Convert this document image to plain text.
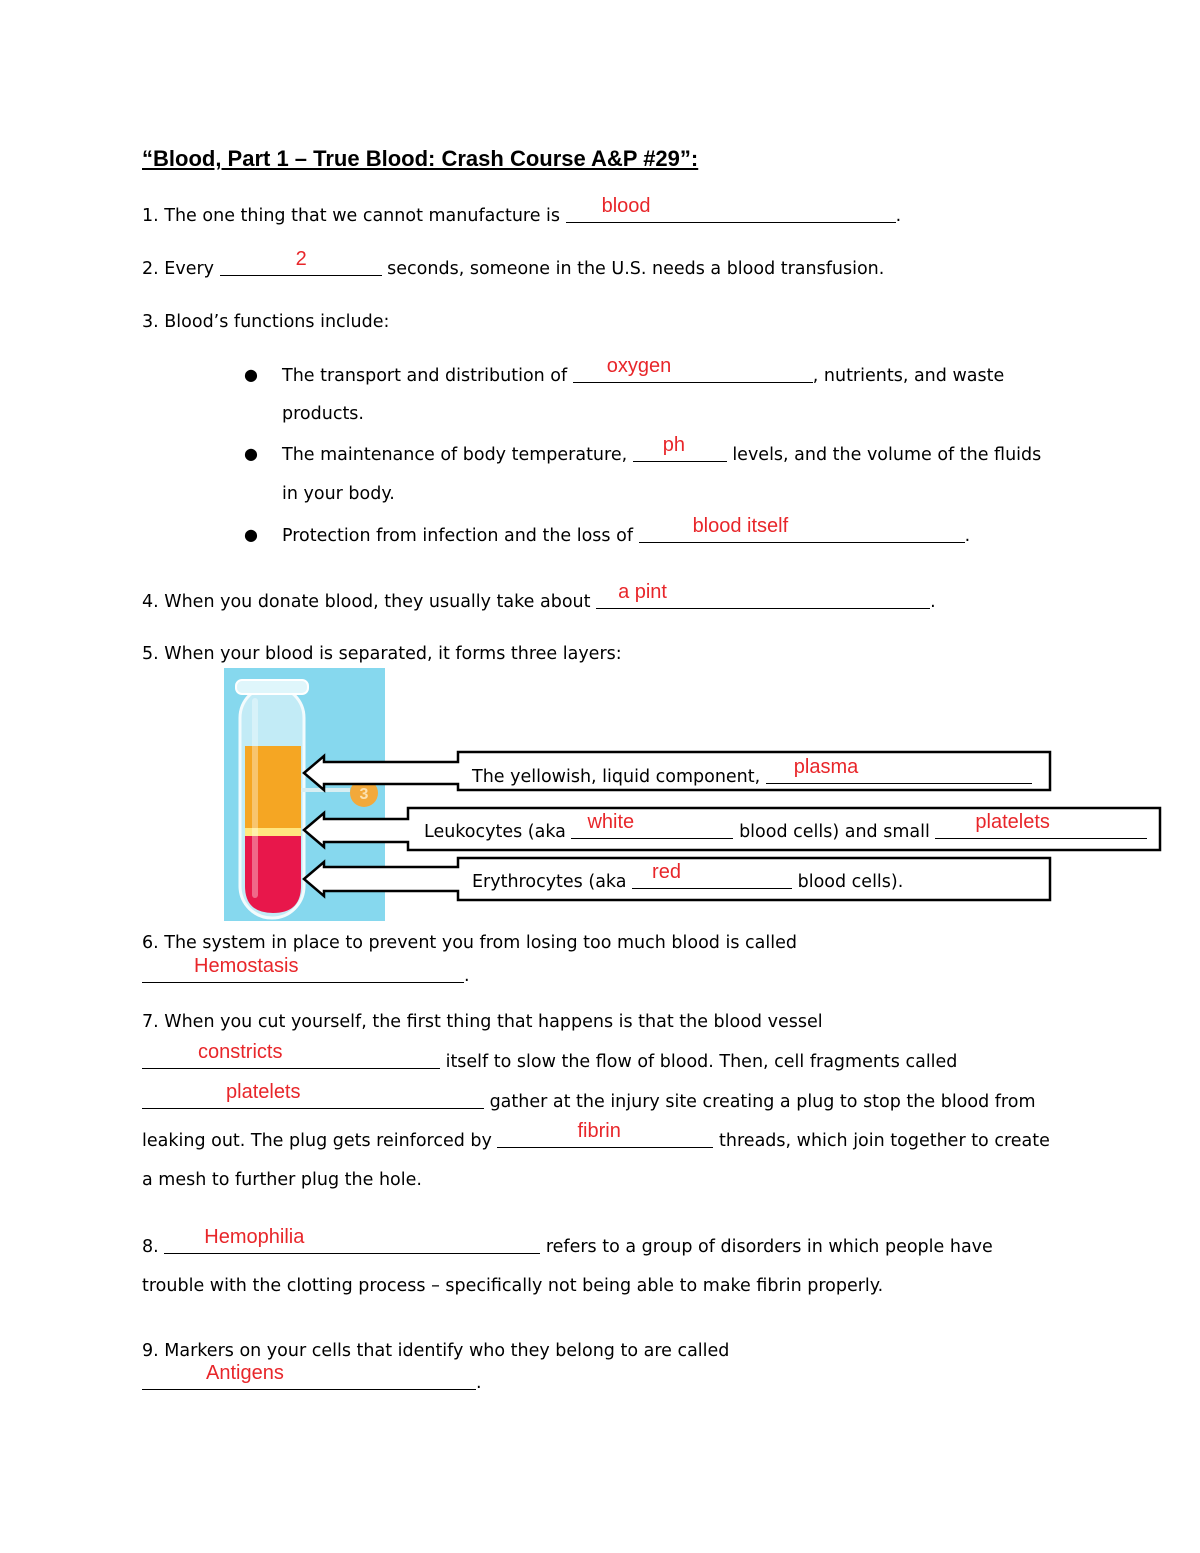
“Blood, Part 1 – True Blood: Crash Course A&P #29”:
1. The one thing that we cannot manufacture is blood	.
2. Every	2	seconds, someone in the U.S. needs a blood transfusion.
3. Blood’s functions include:
● The transport and distribution of oxygen	, nutrients, and waste
products.
● The maintenance of body temperature, ph	levels, and the volume of the fluids
in your body.
● Protection from infection and the loss of	blood itself	.
4. When you donate blood, they usually take about a pint	.
5. When your blood is separated, it forms three layers:
3
The yellowish, liquid component, plasma
Leukocytes (aka white	blood cells) and small platelets
Erythrocytes (aka red	blood cells).
6. The system in place to prevent you from losing too much blood is called
Hemostasis	.
7. When you cut yourself, the first thing that happens is that the blood vessel
constricts	itself to slow the flow of blood. Then, cell fragments called
platelets	gather at the injury site creating a plug to stop the blood from
leaking out. The plug gets reinforced by	fibrin	threads, which join together to create
a mesh to further plug the hole.
8. Hemophilia	refers to a group of disorders in which people have
trouble with the clotting process – specifically not being able to make fibrin properly.
9. Markers on your cells that identify who they belong to are called
Antigens	.
